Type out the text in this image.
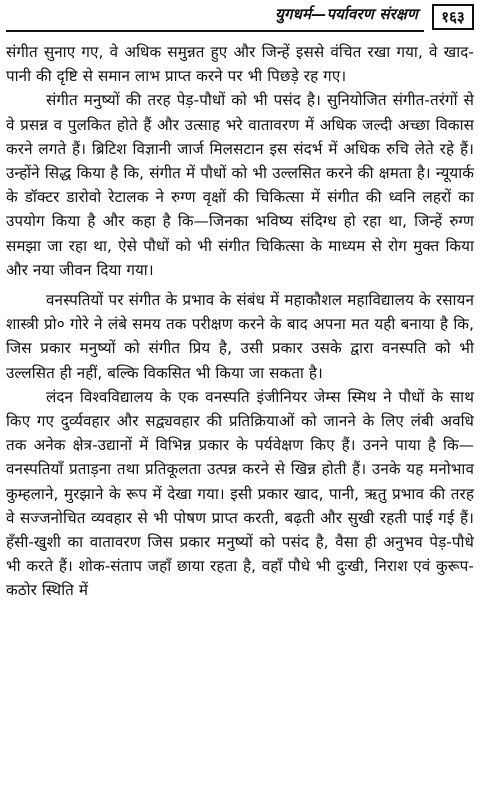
युगधर्म—पर्यावरण संरक्षण	१६३

संगीत सुनाए गए, वे अधिक समुन्नत हुए और जिन्हें इससे वंचित रखा गया, वे खाद-पानी की दृष्टि से समान लाभ प्राप्त करने पर भी पिछड़े रह गए।

संगीत मनुष्यों की तरह पेड़-पौधों को भी पसंद है। सुनियोजित संगीत-तरंगों से वे प्रसन्न व पुलकित होते हैं और उत्साह भरे वातावरण में अधिक जल्दी अच्छा विकास करने लगते हैं। ब्रिटिश विज्ञानी जार्ज मिलसटान इस संदर्भ में अधिक रुचि लेते रहे हैं। उन्होंने सिद्ध किया है कि, संगीत में पौधों को भी उल्लसित करने की क्षमता है। न्यूयार्क के डॉक्टर डारोवो रेटालक ने रुग्ण वृक्षों की चिकित्सा में संगीत की ध्वनि लहरों का उपयोग किया है और कहा है कि—जिनका भविष्य संदिग्ध हो रहा था, जिन्हें रुग्ण समझा जा रहा था, ऐसे पौधों को भी संगीत चिकित्सा के माध्यम से रोग मुक्त किया और नया जीवन दिया गया।

वनस्पतियों पर संगीत के प्रभाव के संबंध में महाकौशल महाविद्यालय के रसायन शास्त्री प्रो० गोरे ने लंबे समय तक परीक्षण करने के बाद अपना मत यही बनाया है कि, जिस प्रकार मनुष्यों को संगीत प्रिय है, उसी प्रकार उसके द्वारा वनस्पति को भी उल्लसित ही नहीं, बल्कि विकसित भी किया जा सकता है।

लंदन विश्वविद्यालय के एक वनस्पति इंजीनियर जेम्स स्मिथ ने पौधों के साथ किए गए दुर्व्यवहार और सद्व्यवहार की प्रतिक्रियाओं को जानने के लिए लंबी अवधि तक अनेक क्षेत्र-उद्यानों में विभिन्न प्रकार के पर्यवेक्षण किए हैं। उनने पाया है कि—वनस्पतियाँ प्रताड़ना तथा प्रतिकूलता उत्पन्न करने से खिन्न होती हैं। उनके यह मनोभाव कुम्हलाने, मुरझाने के रूप में देखा गया। इसी प्रकार खाद, पानी, ऋतु प्रभाव की तरह वे सज्जनोचित व्यवहार से भी पोषण प्राप्त करती, बढ़ती और सुखी रहती पाई गई हैं। हँसी-खुशी का वातावरण जिस प्रकार मनुष्यों को पसंद है, वैसा ही अनुभव पेड़-पौधे भी करते हैं। शोक-संताप जहाँ छाया रहता है, वहाँ पौधे भी दुःखी, निराश एवं कुरूप-कठोर स्थिति में
